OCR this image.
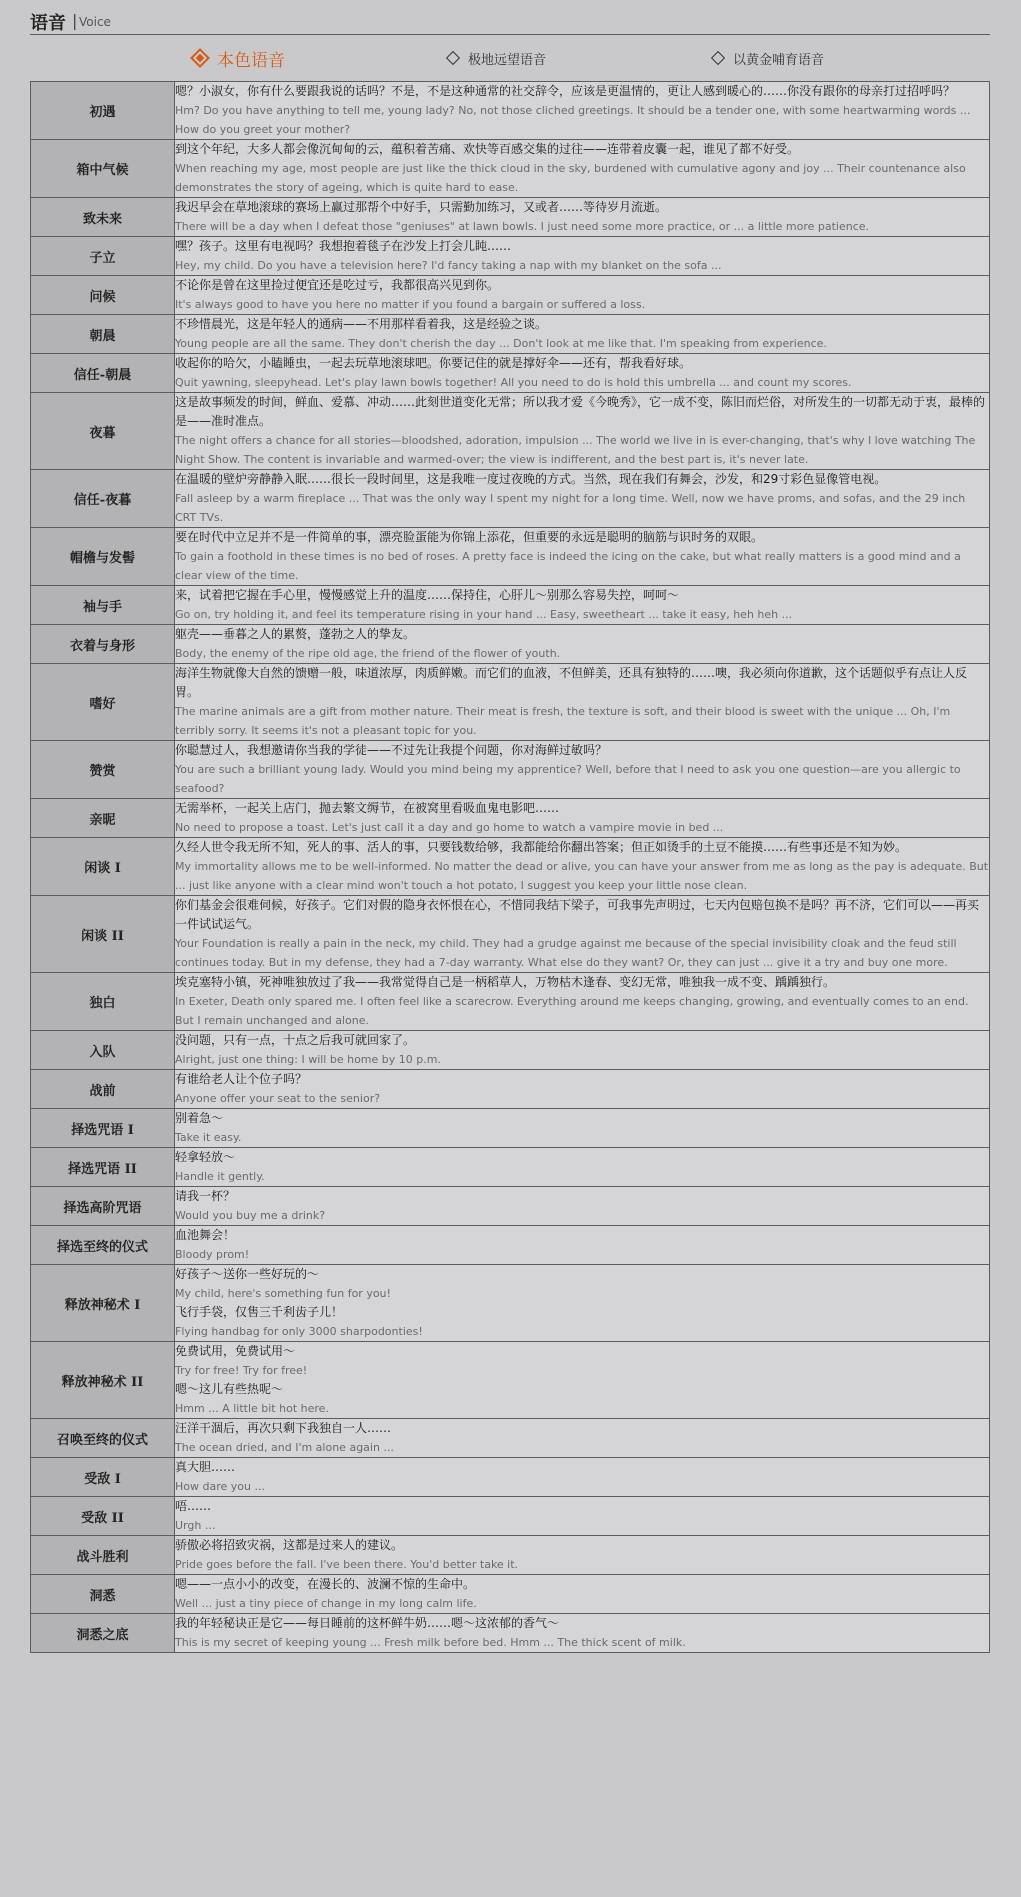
语音 | Voice
本色语音	极地远望语音	以黄金哺育语音
初遇	嗯？小淑女，你有什么要跟我说的话吗？不是，不是这种通常的社交辞令，应该是更温情的，更让人感到暖心的……你没有跟你的母亲打过招呼吗？
Hm? Do you have anything to tell me, young lady? No, not those cliched greetings. It should be a tender one, with some heartwarming words ... How do you greet your mother?

箱中气候	到这个年纪，大多人都会像沉甸甸的云，蕴积着苦痛、欢快等百感交集的过往——连带着皮囊一起，谁见了都不好受。
When reaching my age, most people are just like the thick cloud in the sky, burdened with cumulative agony and joy ... Their countenance also demonstrates the story of ageing, which is quite hard to ease.

致未来	我迟早会在草地滚球的赛场上赢过那帮个中好手，只需勤加练习，又或者……等待岁月流逝。
There will be a day when I defeat those "geniuses" at lawn bowls. I just need some more practice, or ... a little more patience.

子立	嘿？孩子。这里有电视吗？我想抱着毯子在沙发上打会儿盹……
Hey, my child. Do you have a television here? I'd fancy taking a nap with my blanket on the sofa ...

问候	不论你是曾在这里捡过便宜还是吃过亏，我都很高兴见到你。
It's always good to have you here no matter if you found a bargain or suffered a loss.

朝晨	不珍惜晨光，这是年轻人的通病——不用那样看着我，这是经验之谈。
Young people are all the same. They don't cherish the day ... Don't look at me like that. I'm speaking from experience.

信任-朝晨	收起你的哈欠，小瞌睡虫，一起去玩草地滚球吧。你要记住的就是撑好伞——还有，帮我看好球。
Quit yawning, sleepyhead. Let's play lawn bowls together! All you need to do is hold this umbrella ... and count my scores.

夜暮	这是故事频发的时间，鲜血、爱慕、冲动……此刻世道变化无常；所以我才爱《今晚秀》，它一成不变，陈旧而烂俗，对所发生的一切都无动于衷，最棒的是——准时准点。
The night offers a chance for all stories—bloodshed, adoration, impulsion ... The world we live in is ever-changing, that's why I love watching The Night Show. The content is invariable and warmed-over; the view is indifferent, and the best part is, it's never late.

信任-夜暮	在温暖的壁炉旁静静入眠……很长一段时间里，这是我唯一度过夜晚的方式。当然，现在我们有舞会，沙发，和29寸彩色显像管电视。
Fall asleep by a warm fireplace ... That was the only way I spent my night for a long time. Well, now we have proms, and sofas, and the 29 inch CRT TVs.

帽檐与发髻	要在时代中立足并不是一件简单的事，漂亮脸蛋能为你锦上添花，但重要的永远是聪明的脑筋与识时务的双眼。
To gain a foothold in these times is no bed of roses. A pretty face is indeed the icing on the cake, but what really matters is a good mind and a clear view of the time.

袖与手	来，试着把它握在手心里，慢慢感觉上升的温度……保持住，心肝儿～别那么容易失控，呵呵～
Go on, try holding it, and feel its temperature rising in your hand ... Easy, sweetheart ... take it easy, heh heh ...

衣着与身形	躯壳——垂暮之人的累赘，蓬勃之人的挚友。
Body, the enemy of the ripe old age, the friend of the flower of youth.

嗜好	海洋生物就像大自然的馈赠一般，味道浓厚，肉质鲜嫩。而它们的血液，不但鲜美，还具有独特的……噢，我必须向你道歉，这个话题似乎有点让人反胃。
The marine animals are a gift from mother nature. Their meat is fresh, the texture is soft, and their blood is sweet with the unique ... Oh, I'm terribly sorry. It seems it's not a pleasant topic for you.

赞赏	你聪慧过人，我想邀请你当我的学徒——不过先让我提个问题，你对海鲜过敏吗？
You are such a brilliant young lady. Would you mind being my apprentice? Well, before that I need to ask you one question—are you allergic to seafood?

亲昵	无需举杯，一起关上店门，抛去繁文缛节，在被窝里看吸血鬼电影吧……
No need to propose a toast. Let's just call it a day and go home to watch a vampire movie in bed ...

闲谈 I	久经人世令我无所不知，死人的事、活人的事，只要钱数给够，我都能给你翻出答案；但正如烫手的土豆不能摸……有些事还是不知为妙。
My immortality allows me to be well-informed. No matter the dead or alive, you can have your answer from me as long as the pay is adequate. But ... just like anyone with a clear mind won't touch a hot potato, I suggest you keep your little nose clean.

闲谈 II	你们基金会很难伺候，好孩子。它们对假的隐身衣怀恨在心，不惜同我结下梁子，可我事先声明过，七天内包赔包换不是吗？再不济，它们可以——再买一件试试运气。
Your Foundation is really a pain in the neck, my child. They had a grudge against me because of the special invisibility cloak and the feud still continues today. But in my defense, they had a 7-day warranty. What else do they want? Or, they can just ... give it a try and buy one more.

独白	埃克塞特小镇，死神唯独放过了我——我常觉得自己是一柄稻草人，万物枯木逢春、变幻无常，唯独我一成不变、踽踽独行。
In Exeter, Death only spared me. I often feel like a scarecrow. Everything around me keeps changing, growing, and eventually comes to an end. But I remain unchanged and alone.

入队	没问题，只有一点，十点之后我可就回家了。
Alright, just one thing: I will be home by 10 p.m.

战前	有谁给老人让个位子吗？
Anyone offer your seat to the senior?

择选咒语 I	别着急～
Take it easy.

择选咒语 II	轻拿轻放～
Handle it gently.

择选高阶咒语	请我一杯？
Would you buy me a drink?

择选至终的仪式	血池舞会！
Bloody prom!

释放神秘术 I	好孩子～送你一些好玩的～
My child, here's something fun for you!
飞行手袋，仅售三千利齿子儿！
Flying handbag for only 3000 sharpodonties!

释放神秘术 II	免费试用，免费试用～
Try for free! Try for free!
嗯～这儿有些热呢～
Hmm ... A little bit hot here.

召唤至终的仪式	汪洋干涸后，再次只剩下我独自一人……
The ocean dried, and I'm alone again ...

受敌 I	真大胆……
How dare you ...

受敌 II	唔……
Urgh ...

战斗胜利	骄傲必将招致灾祸，这都是过来人的建议。
Pride goes before the fall. I've been there. You'd better take it.

洞悉	嗯——一点小小的改变，在漫长的、波澜不惊的生命中。
Well ... just a tiny piece of change in my long calm life.

洞悉之底	我的年轻秘诀正是它——每日睡前的这杯鲜牛奶……嗯～这浓郁的香气～
This is my secret of keeping young ... Fresh milk before bed. Hmm ... The thick scent of milk.
